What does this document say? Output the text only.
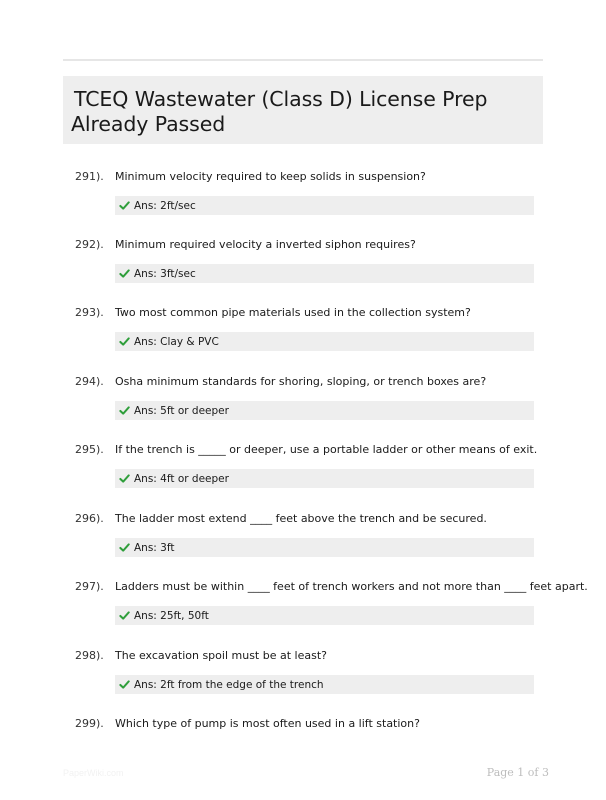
TCEQ Wastewater (Class D) License Prep
Already Passed
291). Minimum velocity required to keep solids in suspension?
Ans: 2ft/sec
292). Minimum required velocity a inverted siphon requires?
Ans: 3ft/sec
293). Two most common pipe materials used in the collection system?
Ans: Clay & PVC
294). Osha minimum standards for shoring, sloping, or trench boxes are?
Ans: 5ft or deeper
295). If the trench is _____ or deeper, use a portable ladder or other means of exit.
Ans: 4ft or deeper
296). The ladder most extend ____ feet above the trench and be secured.
Ans: 3ft
297). Ladders must be within ____ feet of trench workers and not more than ____ feet apart.
Ans: 25ft, 50ft
298). The excavation spoil must be at least?
Ans: 2ft from the edge of the trench
299). Which type of pump is most often used in a lift station?
PaperWiki.com	Page 1 of 3
